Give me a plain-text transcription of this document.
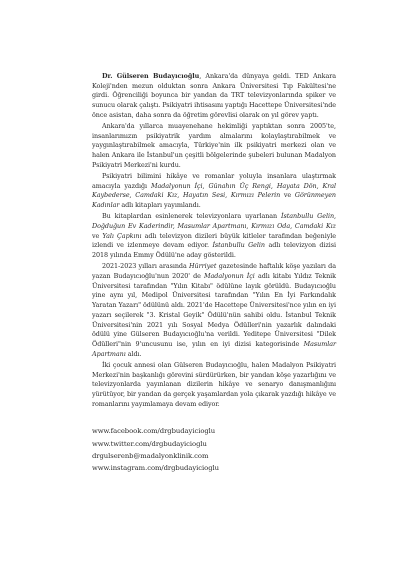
Dr. Gülseren Budayıcıoğlu, Ankara'da dünyaya geldi. TED Ankara Koleji'nden mezun olduktan sonra Ankara Üniversitesi Tıp Fakültesi'ne girdi. Öğrenciliği boyunca bir yandan da TRT televizyonlarında spiker ve sunucu olarak çalıştı. Psikiyatri ihtisasını yaptığı Hacettepe Üniversitesi'nde önce asistan, daha sonra da öğretim görevlisi olarak on yıl görev yaptı.

Ankara'da yıllarca muayenehane hekimliği yaptıktan sonra 2005'te, insanlarımızın psikiyatrik yardım almalarını kolaylaştırabilmek ve yaygınlaştırabilmek amacıyla, Türkiye'nin ilk psikiyatri merkezi olan ve halen Ankara ile İstanbul'un çeşitli bölgelerinde şubeleri bulunan Madalyon Psikiyatri Merkezi'ni kurdu.

Psikiyatri bilimini hikâye ve romanlar yoluyla insanlara ulaştırmak amacıyla yazdığı Madalyonun İçi, Günahın Üç Rengi, Hayata Dön, Kral Kaybederse, Camdaki Kız, Hayatın Sesi, Kırmızı Pelerin ve Görünmeyen Kadınlar adlı kitapları yayımlandı.

Bu kitaplardan esinlenerek televizyonlara uyarlanan İstanbullu Gelin, Doğduğun Ev Kaderindir, Masumlar Apartmanı, Kırmızı Oda, Camdaki Kız ve Yalı Çapkını adlı televizyon dizileri büyük kitleler tarafından beğeniyle izlendi ve izlenmeye devam ediyor. İstanbullu Gelin adlı televizyon dizisi 2018 yılında Emmy Ödülü'ne aday gösterildi.

2021-2023 yılları arasında Hürriyet gazetesinde haftalık köşe yazıları da yazan Budayıcıoğlu'nun 2020' de Madalyonun İçi adlı kitabı Yıldız Teknik Üniversitesi tarafından "Yılın Kitabı" ödülüne layık görüldü. Budayıcıoğlu yine aynı yıl, Medipol Üniversitesi tarafından "Yılın En İyi Farkındalık Yaratan Yazarı" ödülünü aldı. 2021'de Hacettepe Üniversitesi'nce yılın en iyi yazarı seçilerek "3. Kristal Geyik" Ödülü'nün sahibi oldu. İstanbul Teknik Üniversitesi'nin 2021 yılı Sosyal Medya Ödülleri'nin yazarlık dalındaki ödülü yine Gülseren Budayıcıoğlu'na verildi. Yeditepe Üniversitesi "Dilek Ödülleri"nin 9'uncusunu ise, yılın en iyi dizisi kategorisinde Masumlar Apartmanı aldı.

İki çocuk annesi olan Gülseren Budayıcıoğlu, halen Madalyon Psikiyatri Merkezi'nin başkanlığı görevini sürdürürken, bir yandan köşe yazarlığını ve televizyonlarda yayınlanan dizilerin hikâye ve senaryo danışmanlığını yürütüyor, bir yandan da gerçek yaşamlardan yola çıkarak yazdığı hikâye ve romanlarını yayımlamaya devam ediyor.

www.facebook.com/drgbudayicioglu
www.twitter.com/drgbudayicioglu
drgulserenb@madalyonklinik.com
www.instagram.com/drgbudayicioglu
